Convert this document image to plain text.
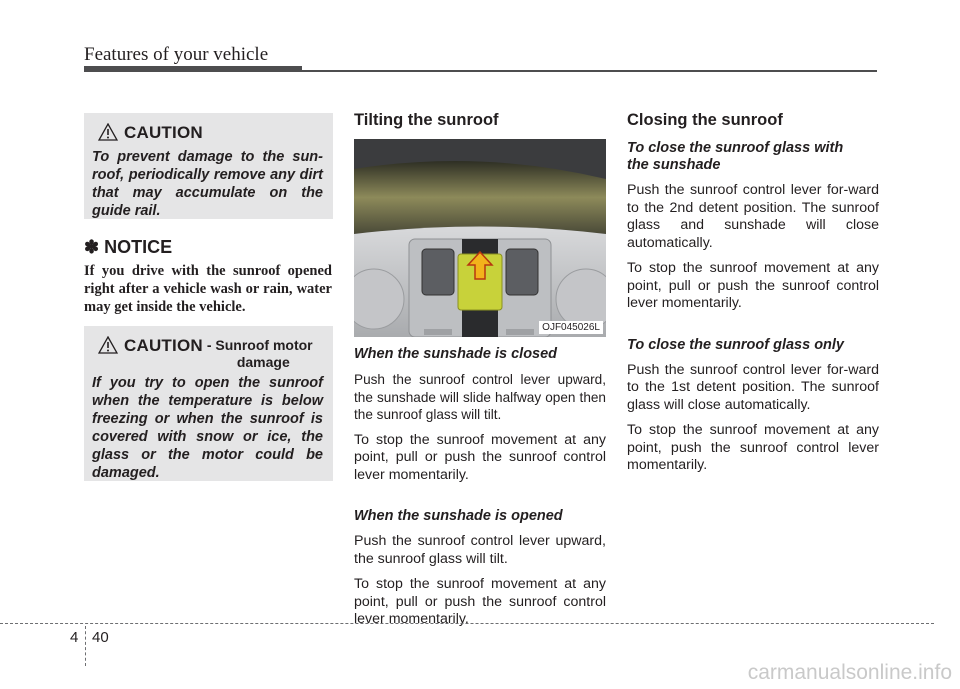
Features of your vehicle
CAUTION
To prevent damage to the sun-roof, periodically remove any dirt that may accumulate on the guide rail.
✽ NOTICE
If you drive with the sunroof opened right after a vehicle wash or rain, water may get inside the vehicle.
CAUTION - Sunroof motor
damage
If you try to open the sunroof when the temperature is below freezing or when the sunroof is covered with snow or ice, the glass or the motor could be damaged.
Tilting the sunroof
OJF045026L
When the sunshade is closed
Push the sunroof control lever upward, the sunshade will slide halfway open then the sunroof glass will tilt.
To stop the sunroof movement at any point, pull or push the sunroof control lever momentarily.
When the sunshade is opened
Push the sunroof control lever upward, the sunroof glass will tilt.
To stop the sunroof movement at any point, pull or push the sunroof control lever momentarily.
Closing the sunroof
To close the sunroof glass with
the sunshade
Push the sunroof control lever for-ward to the 2nd detent position. The sunroof glass and sunshade will close automatically.
To stop the sunroof movement at any point, pull or push the sunroof control lever momentarily.
To close the sunroof glass only
Push the sunroof control lever for-ward to the 1st detent position. The sunroof glass will close automatically.
To stop the sunroof movement at any point, push the sunroof control lever momentarily.
4 40
carmanualsonline.info
